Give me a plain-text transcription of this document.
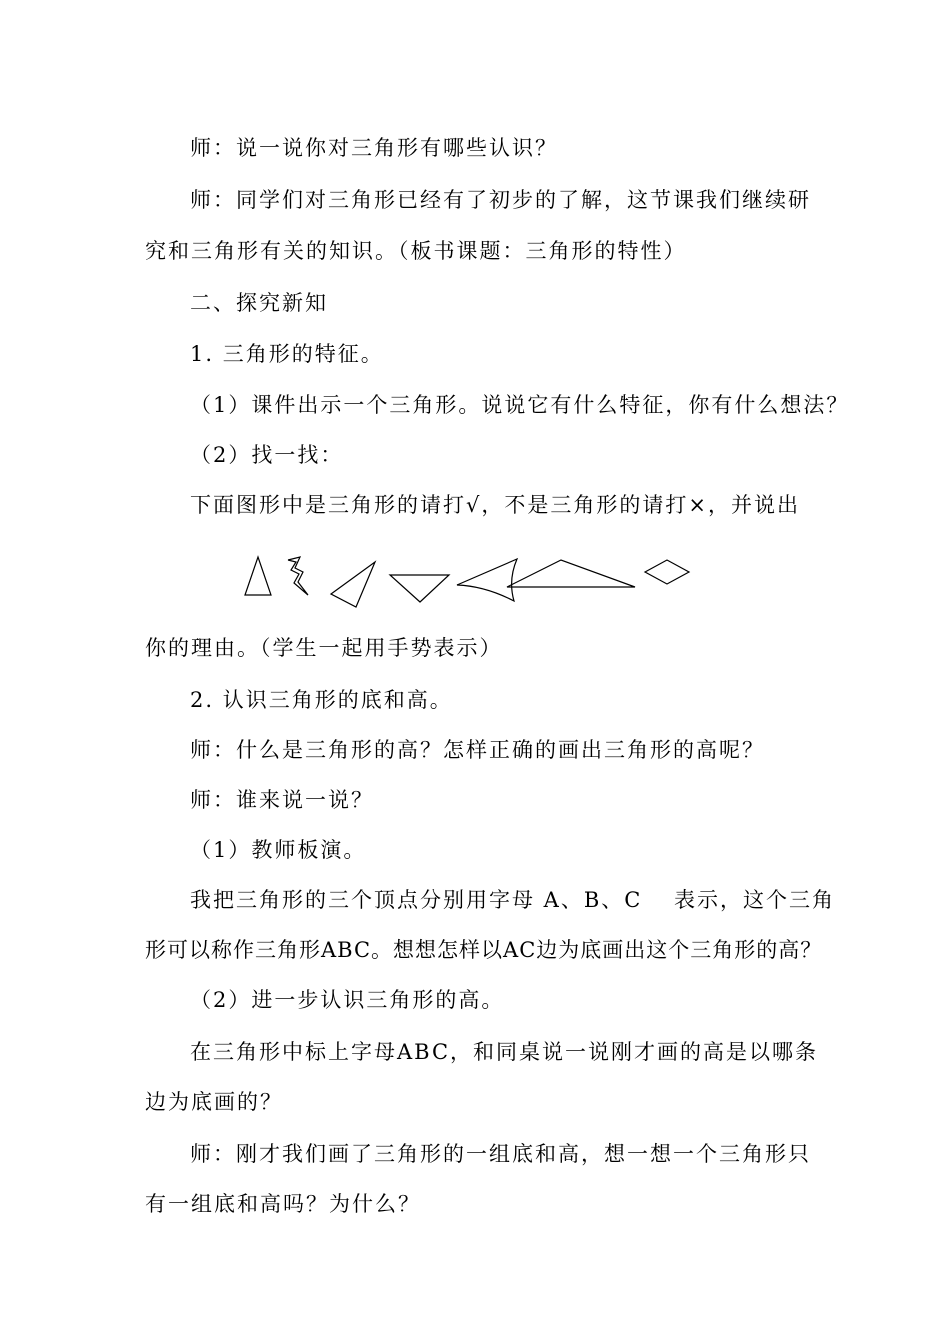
师：说一说你对三角形有哪些认识？
师：同学们对三角形已经有了初步的了解，这节课我们继续研
究和三角形有关的知识。（板书课题：三角形的特性）
二、探究新知
1. 三角形的特征。
（1）课件出示一个三角形。说说它有什么特征，你有什么想法？
（2）找一找：
下面图形中是三角形的请打√，不是三角形的请打×，并说出
你的理由。（学生一起用手势表示）
2. 认识三角形的底和高。
师：什么是三角形的高？怎样正确的画出三角形的高呢？
师：谁来说一说？
（1）教师板演。
我把三角形的三个顶点分别用字母 A、B、C　 表示，这个三角
形可以称作三角形ABC。想想怎样以AC边为底画出这个三角形的高？
（2）进一步认识三角形的高。
在三角形中标上字母ABC，和同桌说一说刚才画的高是以哪条
边为底画的？
师：刚才我们画了三角形的一组底和高，想一想一个三角形只
有一组底和高吗？为什么？
